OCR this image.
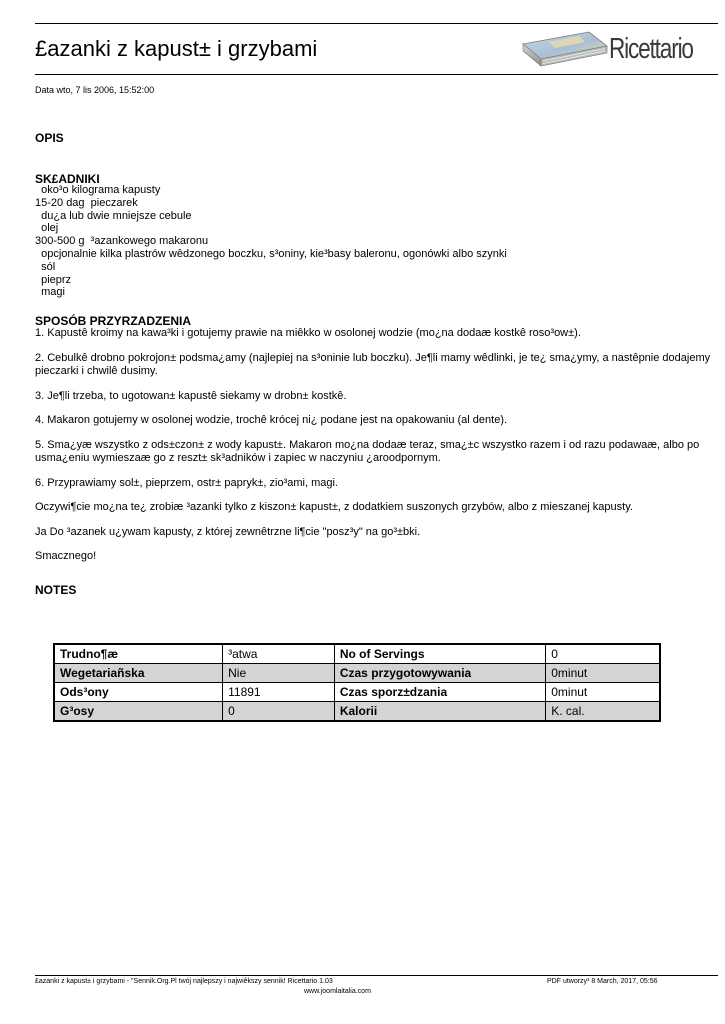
£azanki z kapust± i grzybami	Ricettario
Data wto, 7 lis 2006, 15:52:00
OPIS
SK£ADNIKI
oko³o kilograma kapusty
15-20 dag  pieczarek
du¿a lub dwie mniejsze cebule
olej
300-500 g  ³azankowego makaronu
opcjonalnie kilka plastrów wêdzonego boczku, s³oniny, kie³basy baleronu, ogonówki albo szynki
sól
pieprz
magi
SPOSÓB PRZYRZADZENIA

1. Kapustê kroimy na kawa³ki i gotujemy prawie na miêkko w osolonej wodzie (mo¿na dodaæ kostkê roso³ow±).

2. Cebulkê drobno pokrojon± podsma¿amy (najlepiej na s³oninie lub boczku). Je¶li mamy wêdlinki, je te¿ sma¿ymy, a nastêpnie dodajemy pieczarki i chwilê dusimy.

3. Je¶li trzeba, to ugotowan± kapustê siekamy w drobn± kostkê.

4. Makaron gotujemy w osolonej wodzie, trochê krócej ni¿ podane jest na opakowaniu (al dente).

5. Sma¿yæ wszystko z ods±czon± z wody kapust±. Makaron mo¿na dodaæ teraz, sma¿±c wszystko razem i od razu podawaæ, albo po usma¿eniu wymieszaæ go z reszt± sk³adników i zapiec w naczyniu ¿aroodpornym.

6. Przyprawiamy sol±, pieprzem, ostr± papryk±, zio³ami, magi.

Oczywi¶cie mo¿na te¿ zrobiæ ³azanki tylko z kiszon± kapust±, z dodatkiem suszonych grzybów, albo z mieszanej kapusty.

Ja Do ³azanek u¿ywam kapusty, z której zewnêtrzne li¶cie "posz³y" na go³±bki.

Smacznego!

NOTES
Trudno¶æ	³atwa	No of Servings	0
Wegetariañska	Nie	Czas przygotowywania	0minut
Ods³ony	11891	Czas sporz±dzania	0minut
G³osy	0	Kalorii	K. cal.
£azanki z kapust± i grzybami - "Sennik.Org.Pl twój najlepszy i najwiêkszy sennik! Ricettario 1.03	PDF utworzy³ 8 March, 2017, 05:56
www.joomlaitalia.com
